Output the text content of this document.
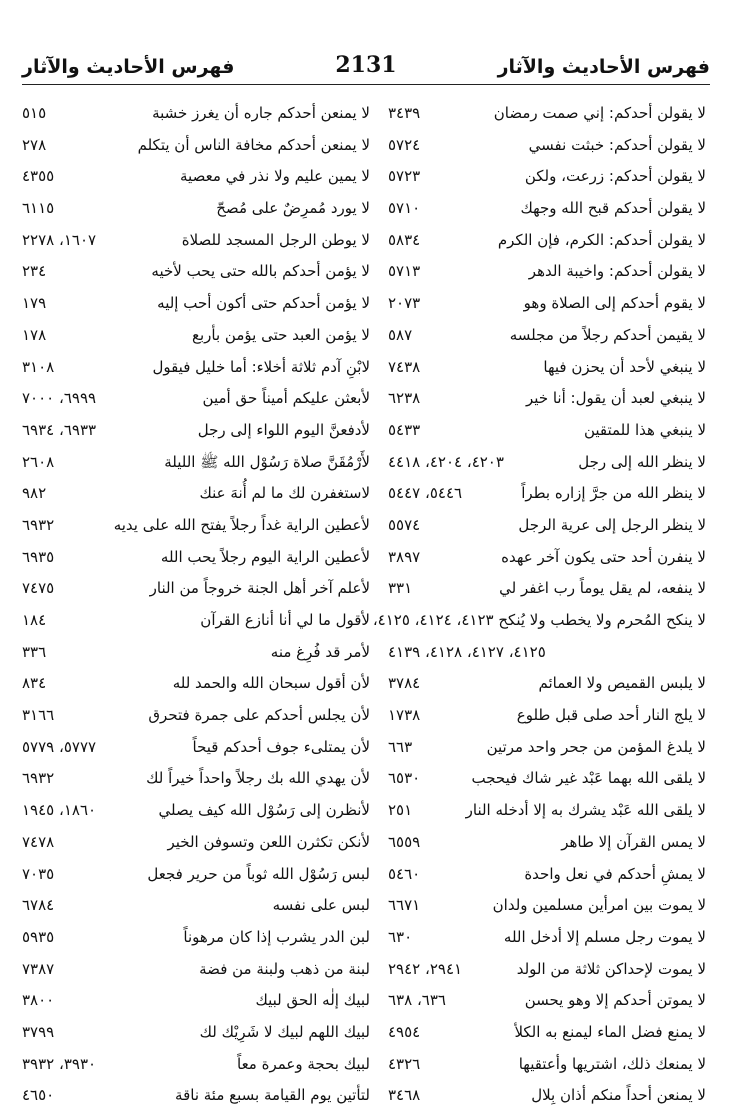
فهرس الأحاديث والآثار
2131
فهرس الأحاديث والآثار
لا يقولن أحدكم: إني صمت رمضان
٣٤٣٩
لا يقولن أحدكم: خبثت نفسي
٥٧٢٤
لا يقولن أحدكم: زرعت، ولكن
٥٧٢٣
لا يقولن أحدكم قبح الله وجهك
٥٧١٠
لا يقولن أحدكم: الكرم، فإن الكرم
٥٨٣٤
لا يقولن أحدكم: واخيبة الدهر
٥٧١٣
لا يقوم أحدكم إلى الصلاة وهو
٢٠٧٣
لا يقيمن أحدكم رجلاً من مجلسه
٥٨٧
لا ينبغي لأحد أن يحزن فيها
٧٤٣٨
لا ينبغي لعبد أن يقول: أنا خير
٦٢٣٨
لا ينبغي هذا للمتقين
٥٤٣٣
لا ينظر الله إلى رجل
٤٢٠٣، ٤٢٠٤، ٤٤١٨
لا ينظر الله من جرَّ إزاره بطراً
٥٤٤٦، ٥٤٤٧
لا ينظر الرجل إلى عرية الرجل
٥٥٧٤
لا ينفرن أحد حتى يكون آخر عهده
٣٨٩٧
لا ينفعه، لم يقل يوماً رب اغفر لي
٣٣١
لا ينكح المُحرم ولا يخطب ولا يُنكح ٤١٢٣، ٤١٢٤، ٤١٢٥،
٤١٢٥، ٤١٢٧، ٤١٢٨، ٤١٣٩
لا يلبس القميص ولا العمائم
٣٧٨٤
لا يلج النار أحد صلى قبل طلوع
١٧٣٨
لا يلدغ المؤمن من جحر واحد مرتين
٦٦٣
لا يلقى الله بهما عَبْد غير شاك فيحجب
٦٥٣٠
لا يلقى الله عَبْد يشرك به إلا أدخله النار
٢٥١
لا يمس القرآن إلا طاهر
٦٥٥٩
لا يمشِ أحدكم في نعل واحدة
٥٤٦٠
لا يموت بين امرأين مسلمين ولدان
٦٦٧١
لا يموت رجل مسلم إلا أدخل الله
٦٣٠
لا يموت لإحداكن ثلاثة من الولد
٢٩٤١، ٢٩٤٢
لا يموتن أحدكم إلا وهو يحسن
٦٣٦، ٦٣٨
لا يمنع فضل الماء ليمنع به الكلأ
٤٩٥٤
لا يمنعك ذلك، اشتريها وأعتقيها
٤٣٢٦
لا يمنعن أحداً منكم أذان بِلال
٣٤٦٨
لا يمنعن أحدكم جاره أن يغرز خشبة
٥١٥
لا يمنعن أحدكم مخافة الناس أن يتكلم
٢٧٨
لا يمين عليم ولا نذر في معصية
٤٣٥٥
لا يورد مُمرِضٌ على مُصحّ
٦١١٥
لا يوطن الرجل المسجد للصلاة
١٦٠٧، ٢٢٧٨
لا يؤمن أحدكم بالله حتى يحب لأخيه
٢٣٤
لا يؤمن أحدكم حتى أكون أحب إليه
١٧٩
لا يؤمن العبد حتى يؤمن بأربع
١٧٨
لابْنِ آدم ثلاثة أخلاء: أما خليل فيقول
٣١٠٨
لأبعثن عليكم أميناً حق أمين
٦٩٩٩، ٧٠٠٠
لأدفعنَّ اليوم اللواء إلى رجل
٦٩٣٣، ٦٩٣٤
لأَرْمُقَنَّ صلاة رَسُوْل الله ﷺ الليلة
٢٦٠٨
لاستغفرن لك ما لم أُنهَ عنك
٩٨٢
لأعطين الراية غداً رجلاً يفتح الله على يديه
٦٩٣٢
لأعطين الراية اليوم رجلاً يحب الله
٦٩٣٥
لأعلم آخر أهل الجنة خروجاً من النار
٧٤٧٥
لأقول ما لي أنا أنازع القرآن
١٨٤
لأمر قد فُرِغ منه
٣٣٦
لأن أقول سبحان الله والحمد لله
٨٣٤
لأن يجلس أحدكم على جمرة فتحرق
٣١٦٦
لأن يمتلىء جوف أحدكم قيحاً
٥٧٧٧، ٥٧٧٩
لأن يهدي الله بك رجلاً واحداً خيراً لك
٦٩٣٢
لأنظرن إلى رَسُوْل الله كيف يصلي
١٨٦٠، ١٩٤٥
لأنكن تكثرن اللعن وتسوفن الخير
٧٤٧٨
لبس رَسُوْل الله ثوباً من حرير فجعل
٧٠٣٥
لبس على نفسه
٦٧٨٤
لبن الدر يشرب إذا كان مرهوناً
٥٩٣٥
لبنة من ذهب ولبنة من فضة
٧٣٨٧
لبيك إلٰه الحق لبيك
٣٨٠٠
لبيك اللهم لبيك لا شَرِيْك لك
٣٧٩٩
لبيك بحجة وعمرة معاً
٣٩٣٠، ٣٩٣٢
لتأتين يوم القيامة بسبع مئة ناقة
٤٦٥٠
